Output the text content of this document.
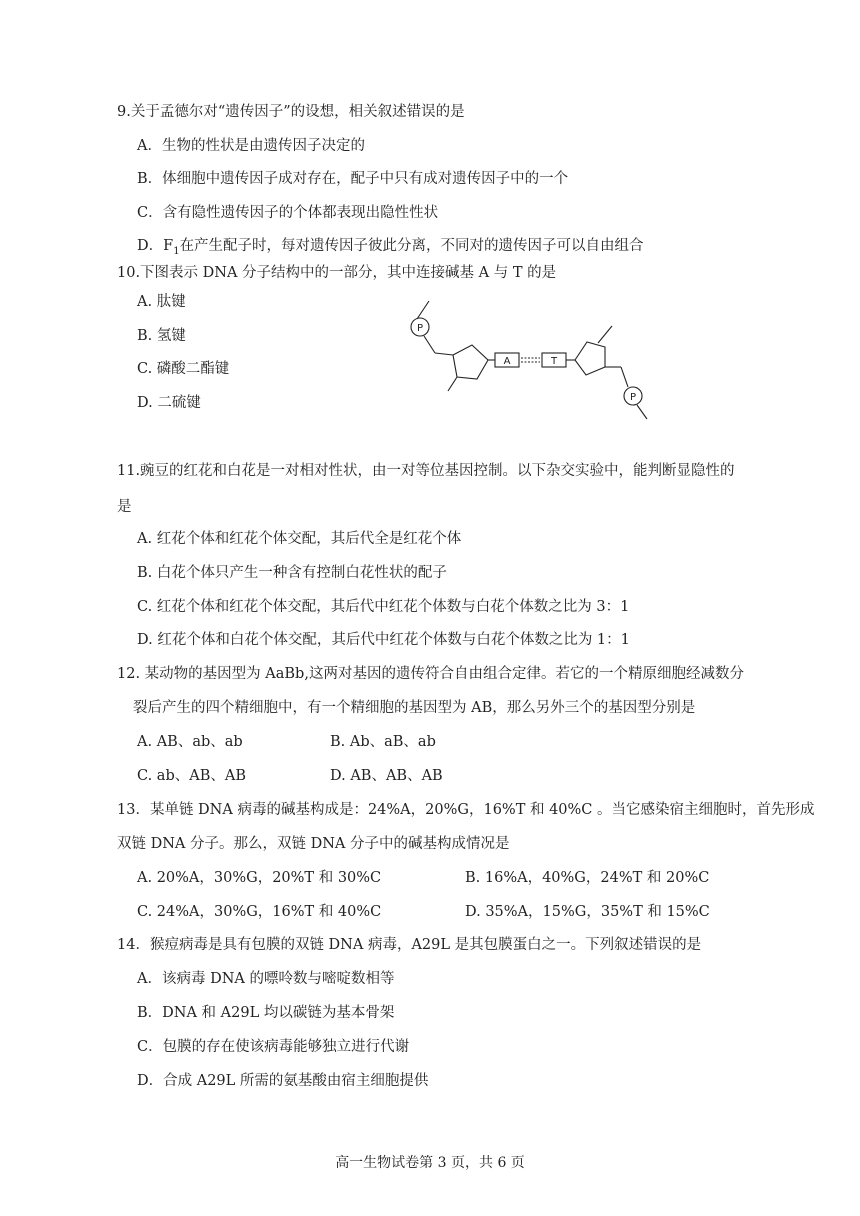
9.关于孟德尔对“遗传因子”的设想，相关叙述错误的是
A．生物的性状是由遗传因子决定的
B．体细胞中遗传因子成对存在，配子中只有成对遗传因子中的一个
C．含有隐性遗传因子的个体都表现出隐性性状
D．$F_1$在产生配子时，每对遗传因子彼此分离，不同对的遗传因子可以自由组合
10.下图表示 DNA 分子结构中的一部分，其中连接碱基 A 与 T 的是
A. 肽键
B. 氢键
C. 磷酸二酯键
D. 二硫键
P
A	T
P
11.豌豆的红花和白花是一对相对性状，由一对等位基因控制。以下杂交实验中，能判断显隐性的
是
A. 红花个体和红花个体交配，其后代全是红花个体
B. 白花个体只产生一种含有控制白花性状的配子
C. 红花个体和红花个体交配，其后代中红花个体数与白花个体数之比为 3：1
D. 红花个体和白花个体交配，其后代中红花个体数与白花个体数之比为 1：1
12. 某动物的基因型为 AaBb,这两对基因的遗传符合自由组合定律。若它的一个精原细胞经减数分
裂后产生的四个精细胞中，有一个精细胞的基因型为 AB，那么另外三个的基因型分别是
A. AB、ab、ab	B. Ab、aB、ab
C. ab、AB、AB	D. AB、AB、AB
13．某单链 DNA 病毒的碱基构成是：24%A，20%G，16%T 和 40%C 。当它感染宿主细胞时，首先形成
双链 DNA 分子。那么，双链 DNA 分子中的碱基构成情况是
A. 20%A，30%G，20%T 和 30%C	B. 16%A，40%G，24%T 和 20%C
C. 24%A，30%G，16%T 和 40%C	D. 35%A，15%G，35%T 和 15%C
14．猴痘病毒是具有包膜的双链 DNA 病毒，A29L 是其包膜蛋白之一。下列叙述错误的是
A．该病毒 DNA 的嘌呤数与嘧啶数相等
B．DNA 和 A29L 均以碳链为基本骨架
C．包膜的存在使该病毒能够独立进行代谢
D．合成 A29L 所需的氨基酸由宿主细胞提供
高一生物试卷第 3 页，共 6 页
